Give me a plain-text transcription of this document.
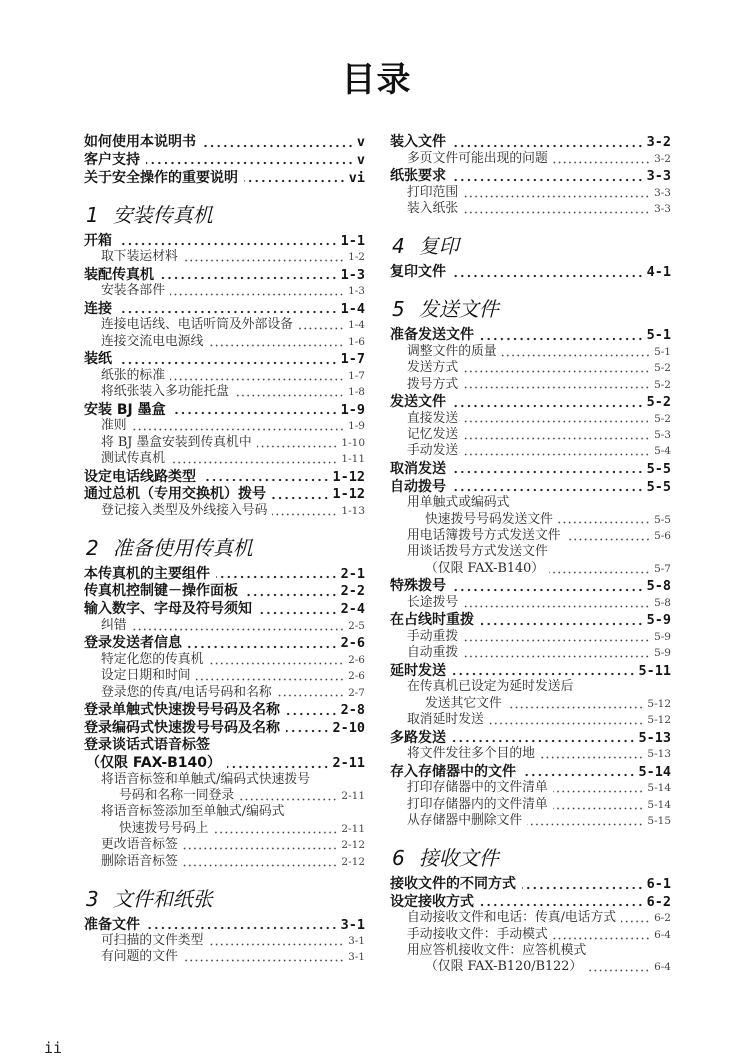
目录
如何使用本说明书	v
客户支持	v
关于安全操作的重要说明	vi
1 安装传真机
开箱	1-1
取下装运材料	1-2
装配传真机	1-3
安装各部件	1-3
连接	1-4
连接电话线、电话听筒及外部设备	1-4
连接交流电电源线	1-6
装纸	1-7
纸张的标准	1-7
将纸张装入多功能托盘	1-8
安装 BJ 墨盒	1-9
准则	1-9
将 BJ 墨盒安装到传真机中	1-10
测试传真机	1-11
设定电话线路类型	1-12
通过总机（专用交换机）拨号	1-12
登记接入类型及外线接入号码	1-13
2 准备使用传真机
本传真机的主要组件	2-1
传真机控制键－操作面板	2-2
输入数字、字母及符号须知	2-4
纠错	2-5
登录发送者信息	2-6
特定化您的传真机	2-6
设定日期和时间	2-6
登录您的传真/电话号码和名称	2-7
登录单触式快速拨号号码及名称	2-8
登录编码式快速拨号号码及名称	2-10
登录谈话式语音标签
（仅限 FAX-B140）	2-11
将语音标签和单触式/编码式快速拨号
号码和名称一同登录	2-11
将语音标签添加至单触式/编码式
快速拨号号码上	2-11
更改语音标签	2-12
删除语音标签	2-12
3 文件和纸张
准备文件	3-1
可扫描的文件类型	3-1
有问题的文件	3-1
装入文件	3-2
多页文件可能出现的问题	3-2
纸张要求	3-3
打印范围	3-3
装入纸张	3-3
4 复印
复印文件	4-1
5 发送文件
准备发送文件	5-1
调整文件的质量	5-1
发送方式	5-2
拨号方式	5-2
发送文件	5-2
直接发送	5-2
记忆发送	5-3
手动发送	5-4
取消发送	5-5
自动拨号	5-5
用单触式或编码式
快速拨号号码发送文件	5-5
用电话簿拨号方式发送文件	5-6
用谈话拨号方式发送文件
（仅限 FAX-B140）	5-7
特殊拨号	5-8
长途拨号	5-8
在占线时重拨	5-9
手动重拨	5-9
自动重拨	5-9
延时发送	5-11
在传真机已设定为延时发送后
发送其它文件	5-12
取消延时发送	5-12
多路发送	5-13
将文件发往多个目的地	5-13
存入存储器中的文件	5-14
打印存储器中的文件清单	5-14
打印存储器内的文件清单	5-14
从存储器中删除文件	5-15
6 接收文件
接收文件的不同方式	6-1
设定接收方式	6-2
自动接收文件和电话：传真/电话方式	6-2
手动接收文件：手动模式	6-4
用应答机接收文件：应答机模式
（仅限 FAX-B120/B122）	6-4
ii
